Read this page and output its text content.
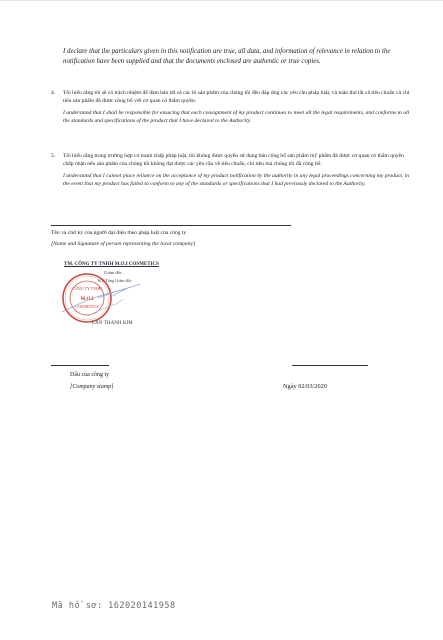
I declare that the particulars given in this notification are true, all data, and information of relevance in relation to the notification have been supplied and that the documents enclosed are authentic or true copies.
4. Tôi hiểu rằng tôi sẽ có trách nhiệm để đảm bảo tất cả các lô sản phẩm của chúng tôi đều đáp ứng các yêu cầu pháp luật, và tuân thủ tất cả tiêu chuẩn và chỉ tiêu sản phẩm đã được công bố với cơ quan có thẩm quyền.
I understand that I shall be responsible for ensuring that each consignment of my product continues to meet all the legal requirements, and conforms to all the standards and specifications of the product that I have declared to the Authority.
5. Tôi hiểu rằng trong trường hợp có tranh chấp pháp luật, tôi không được quyền sử dụng bản công bố sản phẩm mỹ phẩm đã được cơ quan có thẩm quyền chấp nhận nếu sản phẩm của chúng tôi không đạt được các yêu cầu về tiêu chuẩn, chỉ tiêu mà chúng tôi đã công bố.
I understand that I cannot place reliance on the acceptance of my product notification by the authority in any legal proceedings concerning my product, in the event that my product has failed to conform to any of the standards or specifications that I had previously declared to the Authority.
Tên và chữ ký của người đại diện theo pháp luật của công ty
[Name and Signature of person representing the local company]
TM. CÔNG TY TNHH M.O.I COSMETICS
Giám đốc
KT. Tổng Giám đốc
CÔNG TY TNHH
M.O.I
COSMETICS
LAN THANH KIM
Dấu của công ty
[Company stamp]	Ngày 02/03/2020
Mã hồ sơ: 162020141958
